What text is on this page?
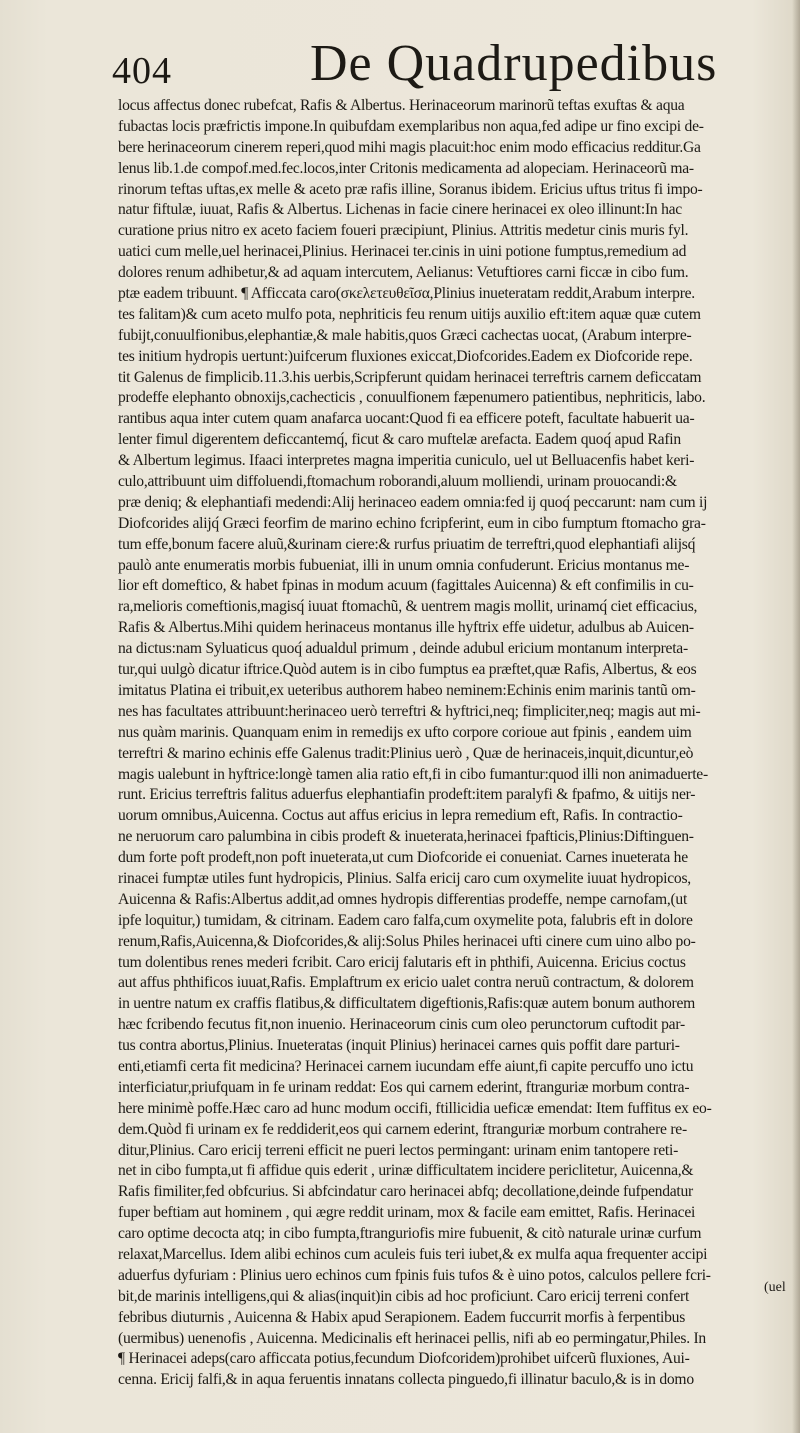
404	De Quadrupedibus
locus affectus donec rubefcat, Rafis & Albertus. Herinaceorum marinorũ teftas exuftas & aqua
fubactas locis præfrictis impone.In quibufdam exemplaribus non aqua,fed adipe ur fino excipi de-
bere herinaceorum cinerem reperi,quod mihi magis placuit:hoc enim modo efficacius redditur.Ga
lenus lib.1.de compof.med.fec.locos,inter Critonis medicamenta ad alopeciam. Herinaceorũ ma-
rinorum teftas uftas,ex melle & aceto præ rafis illine, Soranus ibidem. Ericius uftus tritus fi impo-
natur fiftulæ, iuuat, Rafis & Albertus. Lichenas in facie cinere herinacei ex oleo illinunt:In hac
curatione prius nitro ex aceto faciem foueri præcipiunt, Plinius. Attritis medetur cinis muris fyl.
uatici cum melle,uel herinacei,Plinius. Herinacei ter.cinis in uini potione fumptus,remedium ad
dolores renum adhibetur,& ad aquam intercutem, Aelianus: Vetuftiores carni ficcæ in cibo fum.
ptæ eadem tribuunt. ¶ Afficcata caro(σκελετευθεῖσα,Plinius inueteratam reddit,Arabum interpre.
tes falitam)& cum aceto mulfo pota, nephriticis feu renum uitijs auxilio eft:item aquæ quæ cutem
fubijt,conuulfionibus,elephantiæ,& male habitis,quos Græci cachectas uocat, (Arabum interpre-
tes initium hydropis uertunt:)uifcerum fluxiones exiccat,Diofcorides.Eadem ex Diofcoride repe.
tit Galenus de fimplicib.11.3.his uerbis,Scripferunt quidam herinacei terreftris carnem deficcatam
prodeffe elephanto obnoxijs,cachecticis , conuulfionem fæpenumero patientibus, nephriticis, labo.
rantibus aqua inter cutem quam anafarca uocant:Quod fi ea efficere poteft, facultate habuerit ua-
lenter fimul digerentem deficcantemq́, ficut & caro muftelæ arefacta. Eadem quoq́ apud Rafin
& Albertum legimus. Ifaaci interpretes magna imperitia cuniculo, uel ut Belluacenfis habet keri-
culo,attribuunt uim diffoluendi,ftomachum roborandi,aluum molliendi, urinam prouocandi:&
præ deniq; & elephantiafi medendi:Alij herinaceo eadem omnia:fed ij quoq́ peccarunt: nam cum ij
Diofcorides alijq́ Græci feorfim de marino echino fcripferint, eum in cibo fumptum ftomacho gra-
tum effe,bonum facere aluũ,&urinam ciere:& rurfus priuatim de terreftri,quod elephantiafi alijsq́
paulò ante enumeratis morbis fubueniat, illi in unum omnia confuderunt. Ericius montanus me-
lior eft domeftico, & habet fpinas in modum acuum (fagittales Auicenna) & eft confimilis in cu-
ra,melioris comeftionis,magisq́ iuuat ftomachũ, & uentrem magis mollit, urinamq́ ciet efficacius,
Rafis & Albertus.Mihi quidem herinaceus montanus ille hyftrix effe uidetur, adulbus ab Auicen-
na dictus:nam Syluaticus quoq́ adualdul primum , deinde adubul ericium montanum interpreta-
tur,qui uulgò dicatur iftrice.Quòd autem is in cibo fumptus ea præftet,quæ Rafis, Albertus, & eos
imitatus Platina ei tribuit,ex ueteribus authorem habeo neminem:Echinis enim marinis tantũ om-
nes has facultates attribuunt:herinaceo uerò terreftri & hyftrici,neq; fimpliciter,neq; magis aut mi-
nus quàm marinis. Quanquam enim in remedijs ex ufto corpore corioue aut fpinis , eandem uim
terreftri & marino echinis effe Galenus tradit:Plinius uerò , Quæ de herinaceis,inquit,dicuntur,eò
magis ualebunt in hyftrice:longè tamen alia ratio eft,fi in cibo fumantur:quod illi non animaduerte-
runt. Ericius terreftris falitus aduerfus elephantiafin prodeft:item paralyfi & fpafmo, & uitijs ner-
uorum omnibus,Auicenna. Coctus aut affus ericius in lepra remedium eft, Rafis. In contractio-
ne neruorum caro palumbina in cibis prodeft & inueterata,herinacei fpafticis,Plinius:Diftinguen-
dum forte poft prodeft,non poft inueterata,ut cum Diofcoride ei conueniat. Carnes inueterata he
rinacei fumptæ utiles funt hydropicis, Plinius. Salfa ericij caro cum oxymelite iuuat hydropicos,
Auicenna & Rafis:Albertus addit,ad omnes hydropis differentias prodeffe, nempe carnofam,(ut
ipfe loquitur,) tumidam, & citrinam. Eadem caro falfa,cum oxymelite pota, falubris eft in dolore
renum,Rafis,Auicenna,& Diofcorides,& alij:Solus Philes herinacei ufti cinere cum uino albo po-
tum dolentibus renes mederi fcribit. Caro ericij falutaris eft in phthifi, Auicenna. Ericius coctus
aut affus phthificos iuuat,Rafis. Emplaftrum ex ericio ualet contra neruũ contractum, & dolorem
in uentre natum ex craffis flatibus,& difficultatem digeftionis,Rafis:quæ autem bonum authorem
hæc fcribendo fecutus fit,non inuenio. Herinaceorum cinis cum oleo perunctorum cuftodit par-
tus contra abortus,Plinius. Inueteratas (inquit Plinius) herinacei carnes quis poffit dare parturi-
enti,etiamfi certa fit medicina? Herinacei carnem iucundam effe aiunt,fi capite percuffo uno ictu
interficiatur,priufquam in fe urinam reddat: Eos qui carnem ederint, ftranguriæ morbum contra-
here minimè poffe.Hæc caro ad hunc modum occifi, ftillicidia ueficæ emendat: Item fuffitus ex eo-
dem.Quòd fi urinam ex fe reddiderit,eos qui carnem ederint, ftranguriæ morbum contrahere re-
ditur,Plinius. Caro ericij terreni efficit ne pueri lectos permingant: urinam enim tantopere reti-
net in cibo fumpta,ut fi affidue quis ederit , urinæ difficultatem incidere periclitetur, Auicenna,&
Rafis fimiliter,fed obfcurius. Si abfcindatur caro herinacei abfq; decollatione,deinde fufpendatur
fuper beftiam aut hominem , qui ægre reddit urinam, mox & facile eam emittet, Rafis. Herinacei
caro optime decocta atq; in cibo fumpta,ftranguriofis mire fubuenit, & citò naturale urinæ curfum
relaxat,Marcellus. Idem alibi echinos cum aculeis fuis teri iubet,& ex mulfa aqua frequenter accipi
aduerfus dyfuriam : Plinius uero echinos cum fpinis fuis tufos & è uino potos, calculos pellere fcri-
bit,de marinis intelligens,qui & alias(inquit)in cibis ad hoc proficiunt. Caro ericij terreni confert
febribus diuturnis , Auicenna & Habix apud Serapionem. Eadem fuccurrit morfis à ferpentibus
(uermibus) uenenofis , Auicenna. Medicinalis eft herinacei pellis, nifi ab eo permingatur,Philes. In
¶ Herinacei adeps(caro afficcata potius,fecundum Diofcoridem)prohibet uifcerũ fluxiones, Aui-
cenna. Ericij falfi,& in aqua feruentis innatans collecta pinguedo,fi illinatur baculo,& is in domo
(uel
